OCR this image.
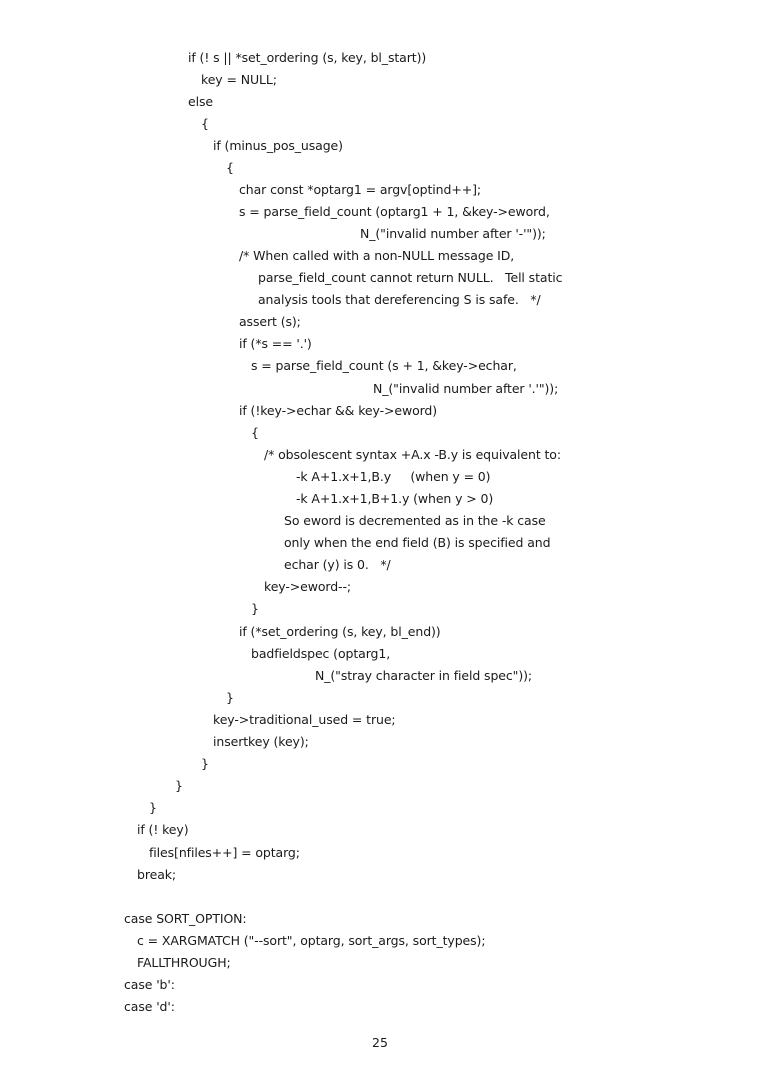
if (! s || *set_ordering (s, key, bl_start))
key = NULL;
else
{
if (minus_pos_usage)
{
char const *optarg1 = argv[optind++];
s = parse_field_count (optarg1 + 1, &key->eword,
N_("invalid number after '-'"));
/* When called with a non-NULL message ID,
parse_field_count cannot return NULL.   Tell static
analysis tools that dereferencing S is safe.   */
assert (s);
if (*s == '.')
s = parse_field_count (s + 1, &key->echar,
N_("invalid number after '.'"));
if (!key->echar && key->eword)
{
/* obsolescent syntax +A.x -B.y is equivalent to:
-k A+1.x+1,B.y     (when y = 0)
-k A+1.x+1,B+1.y (when y > 0)
So eword is decremented as in the -k case
only when the end field (B) is specified and
echar (y) is 0.   */
key->eword--;
}
if (*set_ordering (s, key, bl_end))
badfieldspec (optarg1,
N_("stray character in field spec"));
}
key->traditional_used = true;
insertkey (key);
}
}
}
if (! key)
files[nfiles++] = optarg;
break;
case SORT_OPTION:
c = XARGMATCH ("--sort", optarg, sort_args, sort_types);
FALLTHROUGH;
case 'b':
case 'd':
25
